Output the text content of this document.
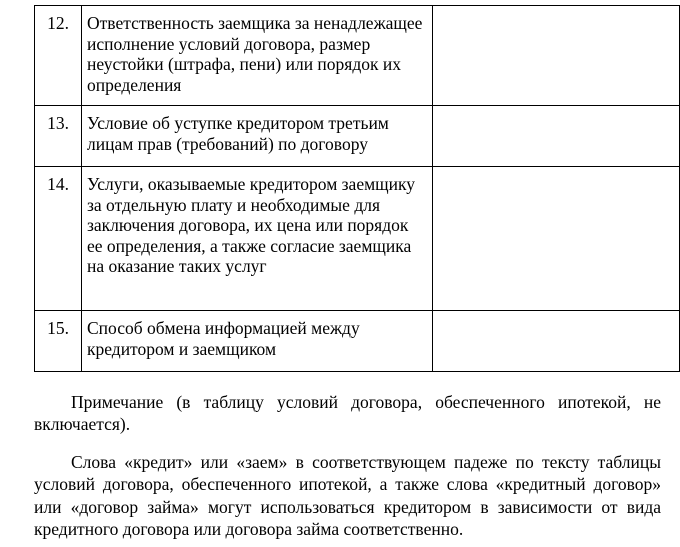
12.	Ответственность заемщика за ненадлежащее исполнение условий договора, размер неустойки (штрафа, пени) или порядок их определения	
13.	Условие об уступке кредитором третьим лицам прав (требований) по договору	
14.	Услуги, оказываемые кредитором заемщику за отдельную плату и необходимые для заключения договора, их цена или порядок ее определения, а также согласие заемщика на оказание таких услуг	
15.	Способ обмена информацией между кредитором и заемщиком	

Примечание (в таблицу условий договора, обеспеченного ипотекой, не включается).

Слова «кредит» или «заем» в соответствующем падеже по тексту таблицы условий договора, обеспеченного ипотекой, а также слова «кредитный договор» или «договор займа» могут использоваться кредитором в зависимости от вида кредитного договора или договора займа соответственно.
